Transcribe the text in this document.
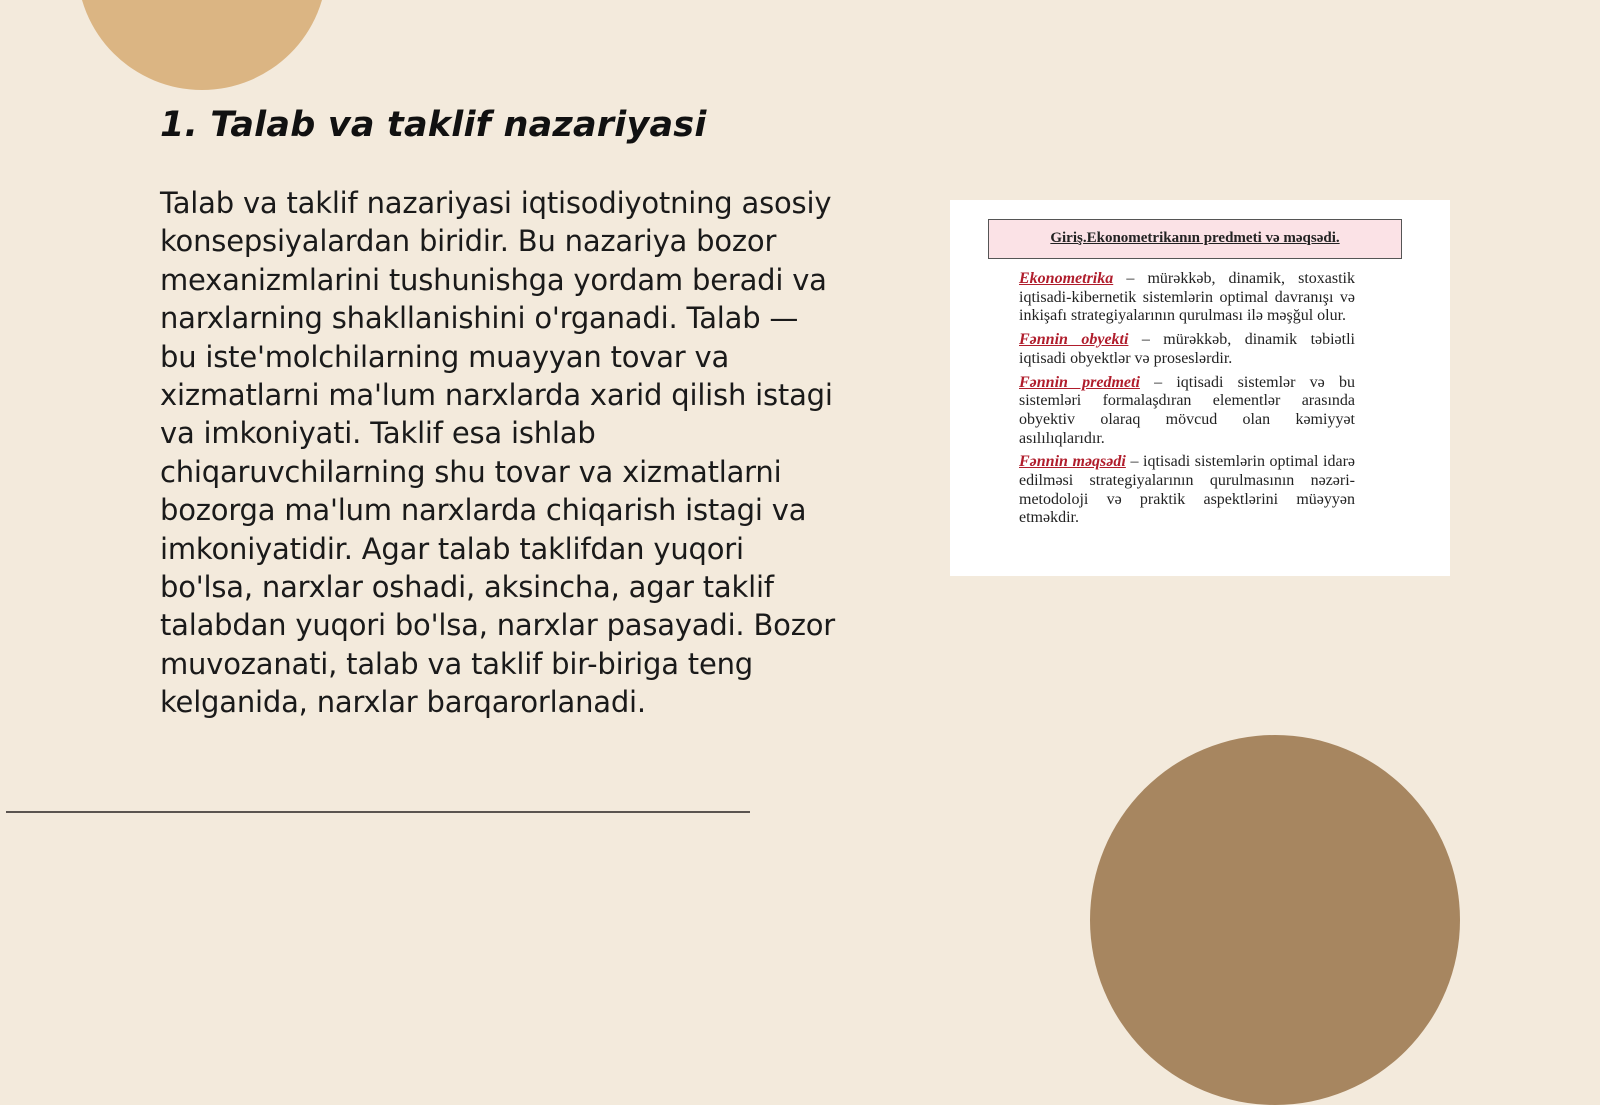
1. Talab va taklif nazariyasi

Talab va taklif nazariyasi iqtisodiyotning asosiy konsepsiyalardan biridir. Bu nazariya bozor mexanizmlarini tushunishga yordam beradi va narxlarning shakllanishini o'rganadi. Talab — bu iste'molchilarning muayyan tovar va xizmatlarni ma'lum narxlarda xarid qilish istagi va imkoniyati. Taklif esa ishlab chiqaruvchilarning shu tovar va xizmatlarni bozorga ma'lum narxlarda chiqarish istagi va imkoniyatidir. Agar talab taklifdan yuqori bo'lsa, narxlar oshadi, aksincha, agar taklif talabdan yuqori bo'lsa, narxlar pasayadi. Bozor muvozanati, talab va taklif bir-biriga teng kelganida, narxlar barqarorlanadi.

Giriş.Ekonometrikanın predmeti və məqsədi.

Ekonometrika – mürəkkəb, dinamik, stoxastik iqtisadi-kibernetik sistemlərin optimal davranışı və inkişafı strategiyalarının qurulması ilə məşğul olur.

Fənnin obyekti – mürəkkəb, dinamik təbiətli iqtisadi obyektlər və proseslərdir.

Fənnin predmeti – iqtisadi sistemlər və bu sistemləri formalaşdıran elementlər arasında obyektiv olaraq mövcud olan kəmiyyət asılılıqlarıdır.

Fənnin məqsədi – iqtisadi sistemlərin optimal idarə edilməsi strategiyalarının qurulmasının nəzəri-metodoloji və praktik aspektlərini müəyyən etməkdir.
